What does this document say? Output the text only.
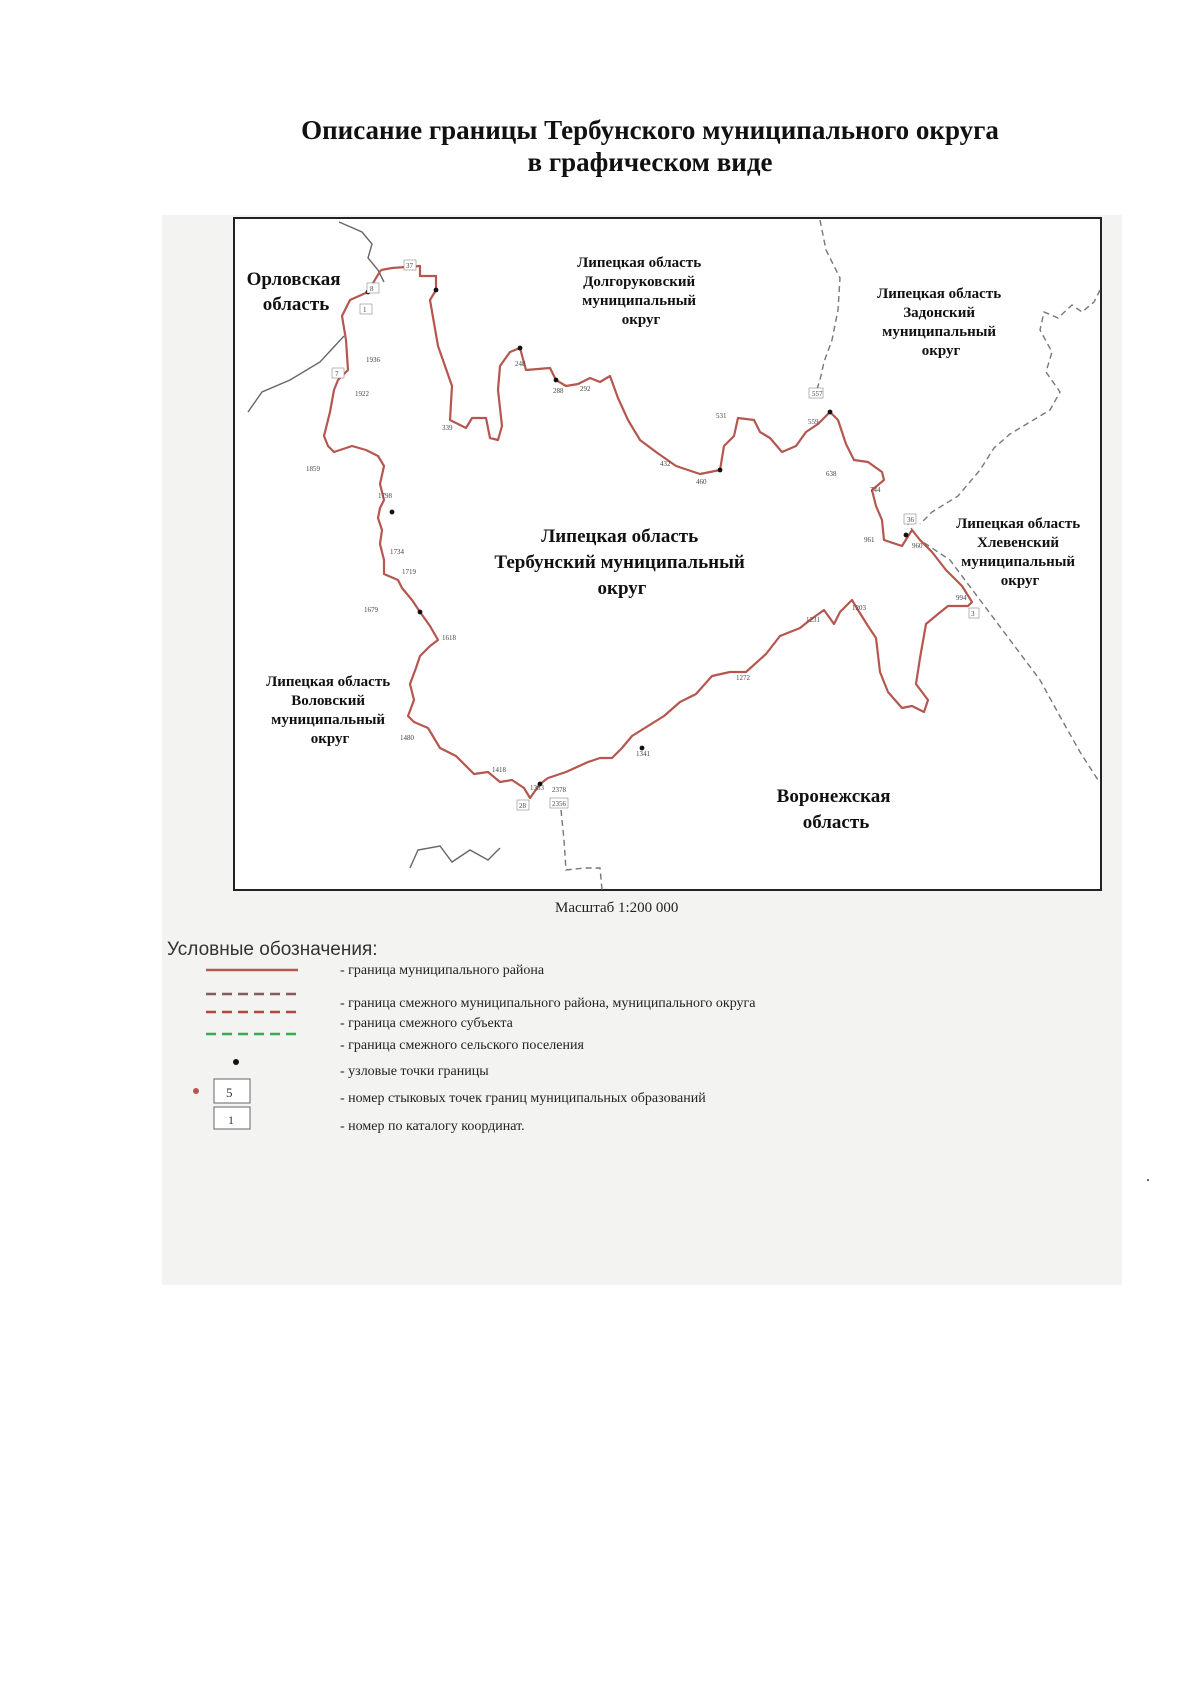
Описание границы Тербунского муниципального округа
в графическом виде
37
8
1
1936
7
1922
248
288 292
339
531
432
460
557
559
638
744
36
960
961
1859
1798
1734
1719
1679
1618
994
3
1231
1203
1272
1341
1480
1418
1383 2378
2356
28
Орловская область
Липецкая область Долгоруковский муниципальный округ
Липецкая область Задонский муниципальный округ
Липецкая область Тербунский муниципальный округ
Липецкая область Хлевенский муниципальный округ
Липецкая область Воловский муниципальный округ
Воронежская область
5
1
Масштаб 1:200 000
Условные обозначения:
- граница муниципального района
- граница смежного муниципального района, муниципального округа
- граница смежного субъекта
- граница смежного сельского поселения
- узловые точки границы
- номер стыковых точек границ муниципальных образований
- номер по каталогу координат.
.
